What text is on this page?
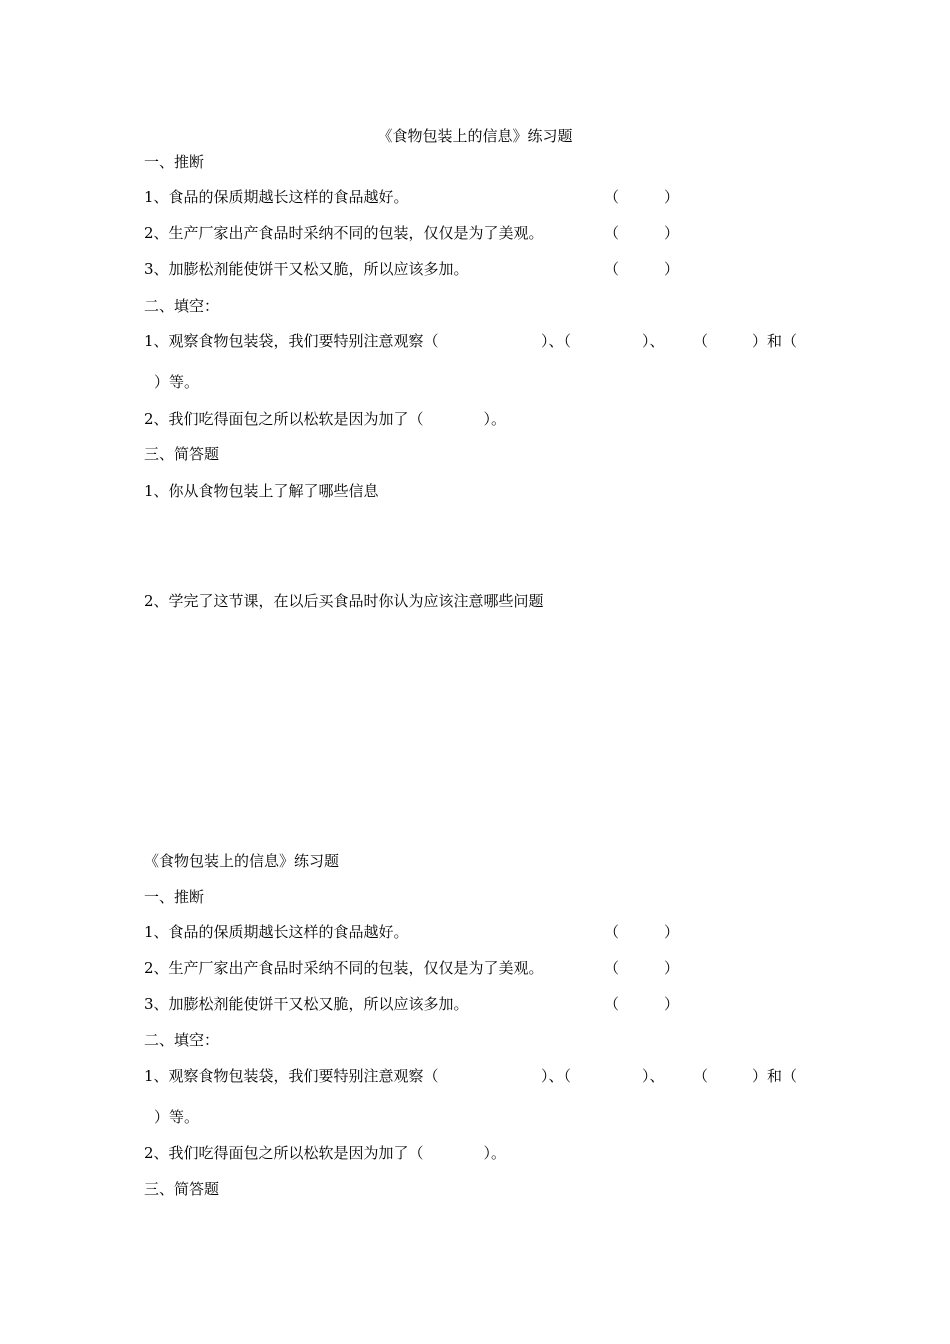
《食物包装上的信息》练习题
一、推断
1、食品的保质期越长这样的食品越好。	（	）
2、生产厂家出产食品时采纳不同的包装，仅仅是为了美观。	（	）
3、加膨松剂能使饼干又松又脆，所以应该多加。	（	）
二、填空：
1、观察食物包装袋，我们要特别注意观察（	）、（	）、 （	）和（
）等。
2、我们吃得面包之所以松软是因为加了（　　　　）。
三、简答题
1、你从食物包装上了解了哪些信息
2、学完了这节课，在以后买食品时你认为应该注意哪些问题
《食物包装上的信息》练习题
一、推断
1、食品的保质期越长这样的食品越好。	（	）
2、生产厂家出产食品时采纳不同的包装，仅仅是为了美观。	（	）
3、加膨松剂能使饼干又松又脆，所以应该多加。	（	）
二、填空：
1、观察食物包装袋，我们要特别注意观察（	）、（	）、 （	）和（
）等。
2、我们吃得面包之所以松软是因为加了（　　　　）。
三、简答题
